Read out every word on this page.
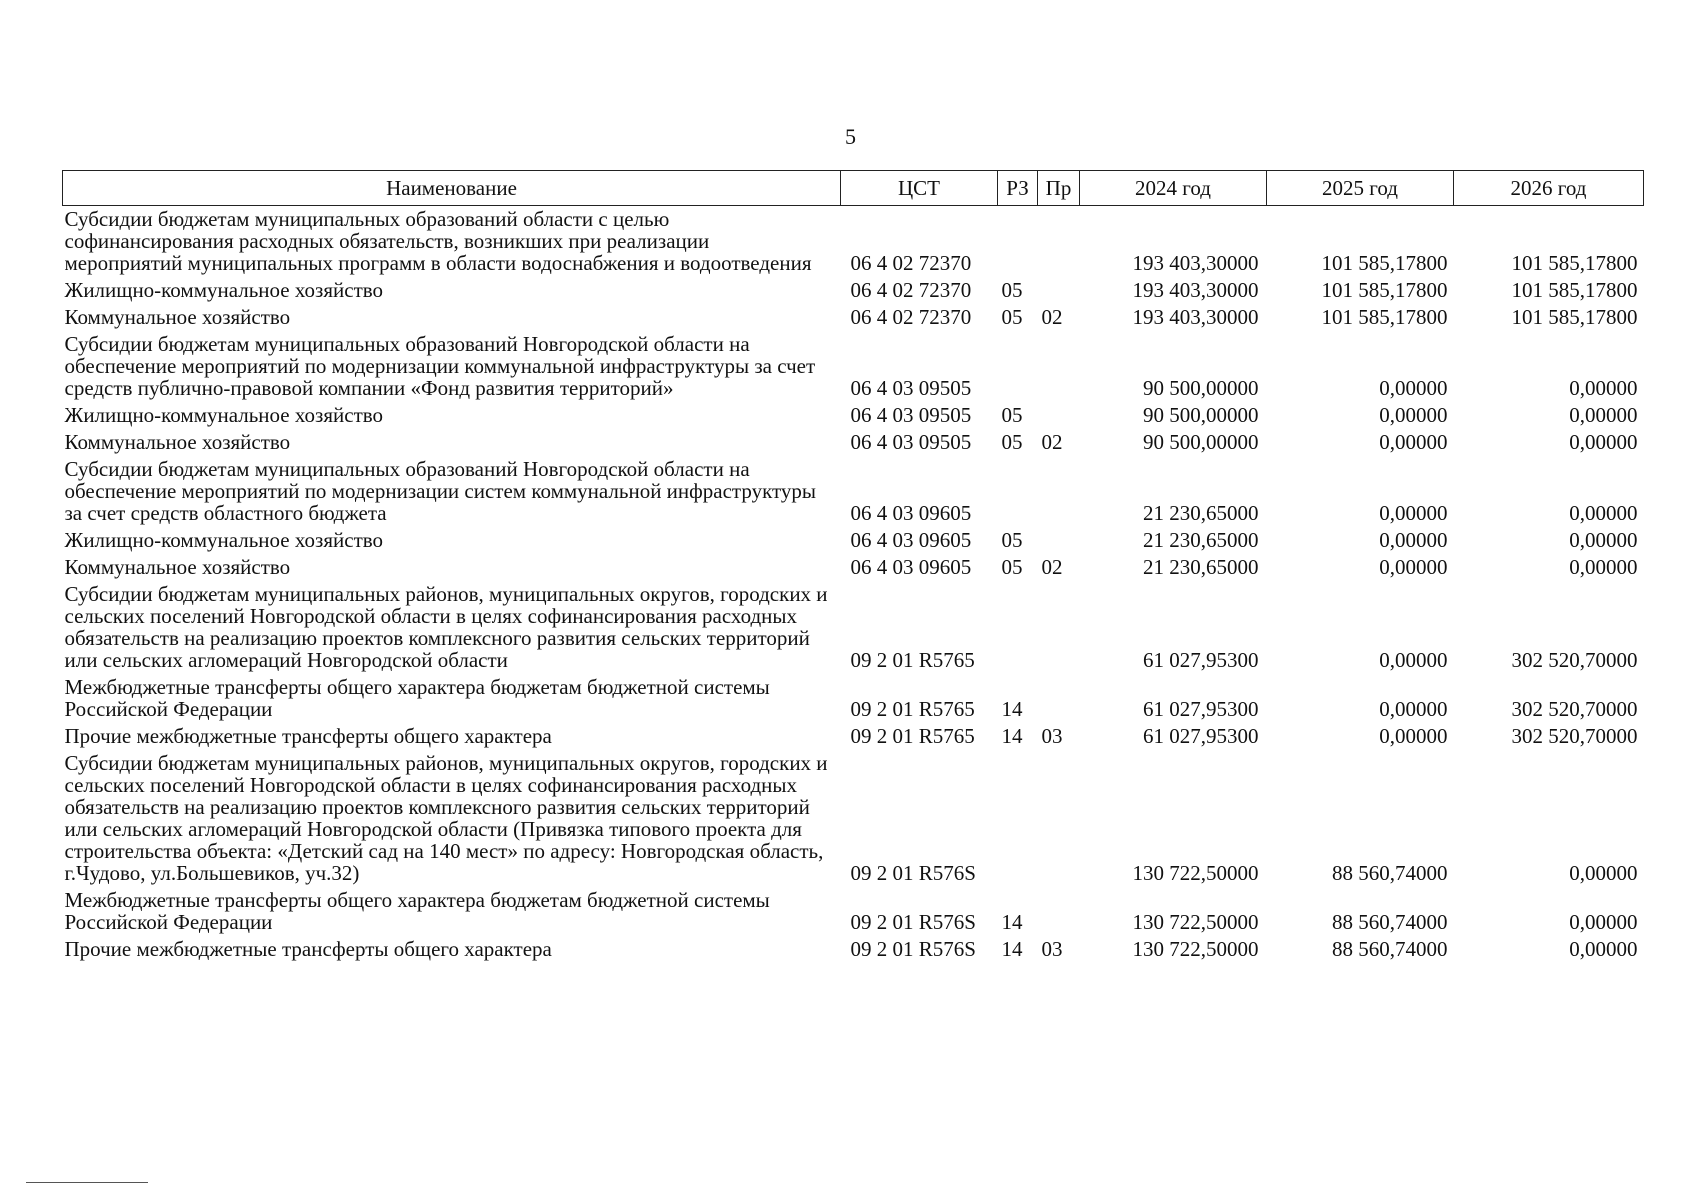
5
Наименование	ЦСТ	РЗ	Пр	2024 год	2025 год	2026 год
Субсидии бюджетам муниципальных образований области с целью софинансирования расходных обязательств, возникших при реализации мероприятий муниципальных программ в области водоснабжения и водоотведения	06 4 02 72370			193 403,30000	101 585,17800	101 585,17800
Жилищно-коммунальное хозяйство	06 4 02 72370	05		193 403,30000	101 585,17800	101 585,17800
Коммунальное хозяйство	06 4 02 72370	05	02	193 403,30000	101 585,17800	101 585,17800
Субсидии бюджетам муниципальных образований Новгородской области на обеспечение мероприятий по модернизации коммунальной инфраструктуры за счет средств публично-правовой компании «Фонд развития территорий»	06 4 03 09505			90 500,00000	0,00000	0,00000
Жилищно-коммунальное хозяйство	06 4 03 09505	05		90 500,00000	0,00000	0,00000
Коммунальное хозяйство	06 4 03 09505	05	02	90 500,00000	0,00000	0,00000
Субсидии бюджетам муниципальных образований Новгородской области на обеспечение мероприятий по модернизации систем коммунальной инфраструктуры за счет средств областного бюджета	06 4 03 09605			21 230,65000	0,00000	0,00000
Жилищно-коммунальное хозяйство	06 4 03 09605	05		21 230,65000	0,00000	0,00000
Коммунальное хозяйство	06 4 03 09605	05	02	21 230,65000	0,00000	0,00000
Субсидии бюджетам муниципальных районов, муниципальных округов, городских и сельских поселений Новгородской области в целях софинансирования расходных обязательств на реализацию проектов комплексного развития сельских территорий или сельских агломераций Новгородской области	09 2 01 R5765			61 027,95300	0,00000	302 520,70000
Межбюджетные трансферты общего характера бюджетам бюджетной системы Российской Федерации	09 2 01 R5765	14		61 027,95300	0,00000	302 520,70000
Прочие межбюджетные трансферты общего характера	09 2 01 R5765	14	03	61 027,95300	0,00000	302 520,70000
Субсидии бюджетам муниципальных районов, муниципальных округов, городских и сельских поселений Новгородской области в целях софинансирования расходных обязательств на реализацию проектов комплексного развития сельских территорий или сельских агломераций Новгородской области (Привязка типового проекта для строительства объекта: «Детский сад на 140 мест» по адресу: Новгородская область, г.Чудово, ул.Большевиков, уч.32)	09 2 01 R576S			130 722,50000	88 560,74000	0,00000
Межбюджетные трансферты общего характера бюджетам бюджетной системы Российской Федерации	09 2 01 R576S	14		130 722,50000	88 560,74000	0,00000
Прочие межбюджетные трансферты общего характера	09 2 01 R576S	14	03	130 722,50000	88 560,74000	0,00000
